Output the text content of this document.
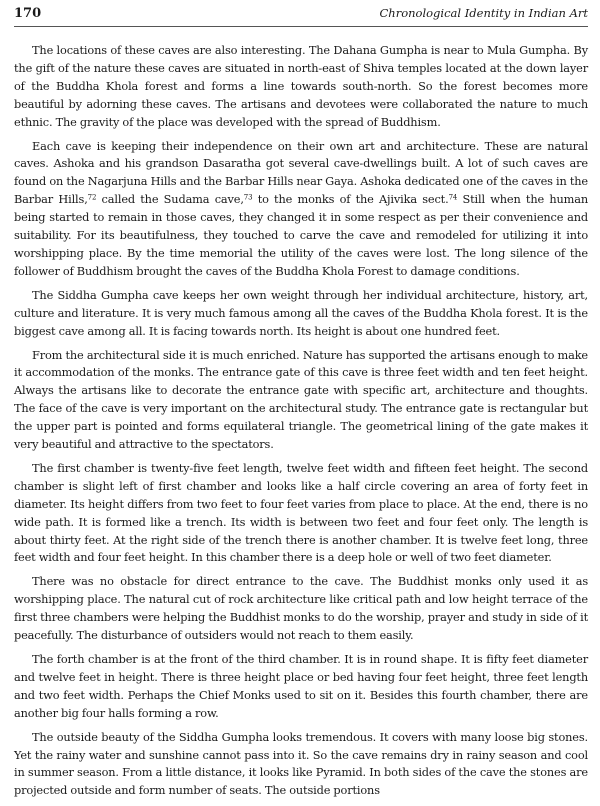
170	Chronological Identity in Indian Art

The locations of these caves are also interesting. The Dahana Gumpha is near to Mula Gumpha. By the gift of the nature these caves are situated in north-east of Shiva temples located at the down layer of the Buddha Khola forest and forms a line towards south-north. So the forest becomes more beautiful by adorning these caves. The artisans and devotees were collaborated the nature to much ethnic. The gravity of the place was developed with the spread of Buddhism.

Each cave is keeping their independence on their own art and architecture. These are natural caves. Ashoka and his grandson Dasaratha got several cave-dwellings built. A lot of such caves are found on the Nagarjuna Hills and the Barbar Hills near Gaya. Ashoka dedicated one of the caves in the Barbar Hills,$^{72}$ called the Sudama cave,$^{73}$ to the monks of the Ajivika sect.$^{74}$ Still when the human being started to remain in those caves, they changed it in some respect as per their convenience and suitability. For its beautifulness, they touched to carve the cave and remodeled for utilizing it into worshipping place. By the time memorial the utility of the caves were lost. The long silence of the follower of Buddhism brought the caves of the Buddha Khola Forest to damage conditions.

The Siddha Gumpha cave keeps her own weight through her individual architecture, history, art, culture and literature. It is very much famous among all the caves of the Buddha Khola forest. It is the biggest cave among all. It is facing towards north. Its height is about one hundred feet.

From the architectural side it is much enriched. Nature has supported the artisans enough to make it accommodation of the monks. The entrance gate of this cave is three feet width and ten feet height. Always the artisans like to decorate the entrance gate with specific art, architecture and thoughts. The face of the cave is very important on the architectural study. The entrance gate is rectangular but the upper part is pointed and forms equilateral triangle. The geometrical lining of the gate makes it very beautiful and attractive to the spectators.

The first chamber is twenty-five feet length, twelve feet width and fifteen feet height. The second chamber is slight left of first chamber and looks like a half circle covering an area of forty feet in diameter. Its height differs from two feet to four feet varies from place to place. At the end, there is no wide path. It is formed like a trench. Its width is between two feet and four feet only. The length is about thirty feet. At the right side of the trench there is another chamber. It is twelve feet long, three feet width and four feet height. In this chamber there is a deep hole or well of two feet diameter.

There was no obstacle for direct entrance to the cave. The Buddhist monks only used it as worshipping place. The natural cut of rock architecture like critical path and low height terrace of the first three chambers were helping the Buddhist monks to do the worship, prayer and study in side of it peacefully. The disturbance of outsiders would not reach to them easily.

The forth chamber is at the front of the third chamber. It is in round shape. It is fifty feet diameter and twelve feet in height. There is three height place or bed having four feet height, three feet length and two feet width. Perhaps the Chief Monks used to sit on it. Besides this fourth chamber, there are another big four halls forming a row.

The outside beauty of the Siddha Gumpha looks tremendous. It covers with many loose big stones. Yet the rainy water and sunshine cannot pass into it. So the cave remains dry in rainy season and cool in summer season. From a little distance, it looks like Pyramid. In both sides of the cave the stones are projected outside and form number of seats. The outside portions
